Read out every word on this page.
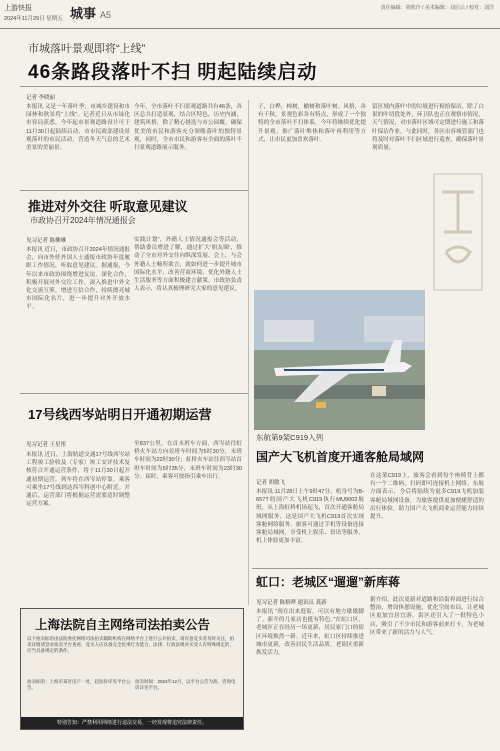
上游快报
2024年11月29日 星期五 城事 A5
责任编辑：胡欣玲 / 美术编辑：刘启云 / 校对：刘洋
市城落叶景观即将“上线”
46条路段落叶不扫 明起陆续启动
记者 李晓丽
本报讯 又是一年落叶季，市城乡建设和市园林和秋景将“上线”。记者近日从市绿化市容局获悉，今年起市景观道路设计可于11月30日起陆续启动，市市民政部建设景观落叶的市民活动，营造冬天气息的艺术美景的美丽景。
今年，全市落叶不扫景观道路共有46条，各区总共打造景观，结合区特色，历史内涵，建筑风格，除了精心挑选与市公园覆，确保优美的市民和游客充分领略落叶的独特景观，同时，全市市民和游客有全面的落叶不扫景观道路展示服务。
子，白桦，樟树，榆树和落叶树。风格，各有千秋，景观色彩各有特点，形成了一个独特的全市落叶不扫体系，今年将继续优化提升景观，推广落叶堆体和落叶再利用等方式，让市民更加喜欢落叶。
留区域内落叶中的垃圾进行检拾保洁，除了白果的叶切段处外，环卫队也正在观察市情况，天气情况，对市落叶区域可定期进行施工和落叶保洁作业。与此同时，各区市容城管部门也将及时对落叶不扫区域进行巡查，确保落叶景观质量。
推进对外交往 听取意见建议
市政协召开2024年情况通报会
见习记者 陈柳琳
本报讯 近日，市政协召开2024年情况通报会，向市外驻外国人士通报市政协年度履职工作情况，听取意见建议。据通报，今年以来市政协围绕增进友谊、深化合作，积极开展对外交往工作，深入推进中外文化交流互鉴，增进互信合作，持续擦亮城市国际化名片，进一步提升对外开放水平。
实践计划”，外籍人士情况通报会等活动，帮助委员增进了解，通过扩大‘朋友圈’，推动了全市对外交往向纵深发展。会上，与会外籍人士畅所欲言，就如何进一步提升城市国际化水平、改善营商环境、优化外籍人士生活服务等方面积极建言献策。市政协负责人表示，将认真梳理研究大家的意见建议。
17号线西岑站明日开通初期运营
见习记者 王星彤
本报讯 近日，上海轨道交通17号线西岑站工程竣工验收及（专家）竣工安评技术复核符合开通运营条件，将于11月30日起开通初期运营，列车将在西岑站停靠。乘客可乘坐17号线到达西岑科创中心附近。开通后，运营部门将根据运营需要适时调整运营方案。
至837公里。在首末班车方面，西岑站往虹桥火车站方向首班车时间为5时30分，末班车时间为22时30分；虹桥火车站往西岑站首班车时间为5时35分，末班车时间为23时30分。届时，乘客可按指引乘车出行。
东航第9架C919入列
国产大飞机首度开通客舱局域网
记者 胡敏飞
本报讯 11月28日上午9时47分，机身号为B-657T的国产大飞机C919执行MU9002航班，从上海虹桥机场起飞，首次开通客舱局域网服务，这是国产大飞机C919首次实现客舱网络服务。旅客可通过手机等设备连接客舱局域网，享受机上娱乐、资讯等服务，机上体验更加丰富。
在这架C919上，旅客会看到每个座椅背上都有一个二维码，扫码即可连接机上网络。东航方面表示，今后将陆续为更多C919飞机加装客舱局域网设备，为旅客提供更加便捷舒适的出行体验，助力国产大飞机商业运营能力持续提升。
虹口：老城区“遛遛”新库蒋
见习记者 陈格晔 通讯员 龚新
本报讯 “现在出来逛街，可以有地方歇歇脚了。新开的几家店也挺有特色。”在虹口区，老城区正在经历一场更新，居民家门口的街区环境焕然一新。近年来，虹口区持续推进城市更新，改善居民生活品质，老街区重新焕发活力。
据介绍，此次更新对道路和沿街界面进行综合整治，增设休憩设施，优化空间布局，让老城区更加宜居宜游。街区还引入了一批特色小店，吸引了不少市民和游客前来打卡，为老城区带来了新的活力与人气。
上海法院自主网络司法拍卖公告
以下拍卖标的由法院委托网络司法拍卖辅助机构在网络平台上进行公开拍卖，请有意竞买者及时关注，拍卖详情请登录拍卖平台查看，竞买人应具备完全民事行为能力，法律、行政法规对买受人有特殊规定的，应当具备规定的条件。
拍卖标的：上海市某区房产一处，起拍价详见平台公告。
拍卖时间：2024年12月，以平台公告为准。咨询电话详见平台。
特别告知：严禁利用网络进行违法交易，一经发现将追究法律责任。
